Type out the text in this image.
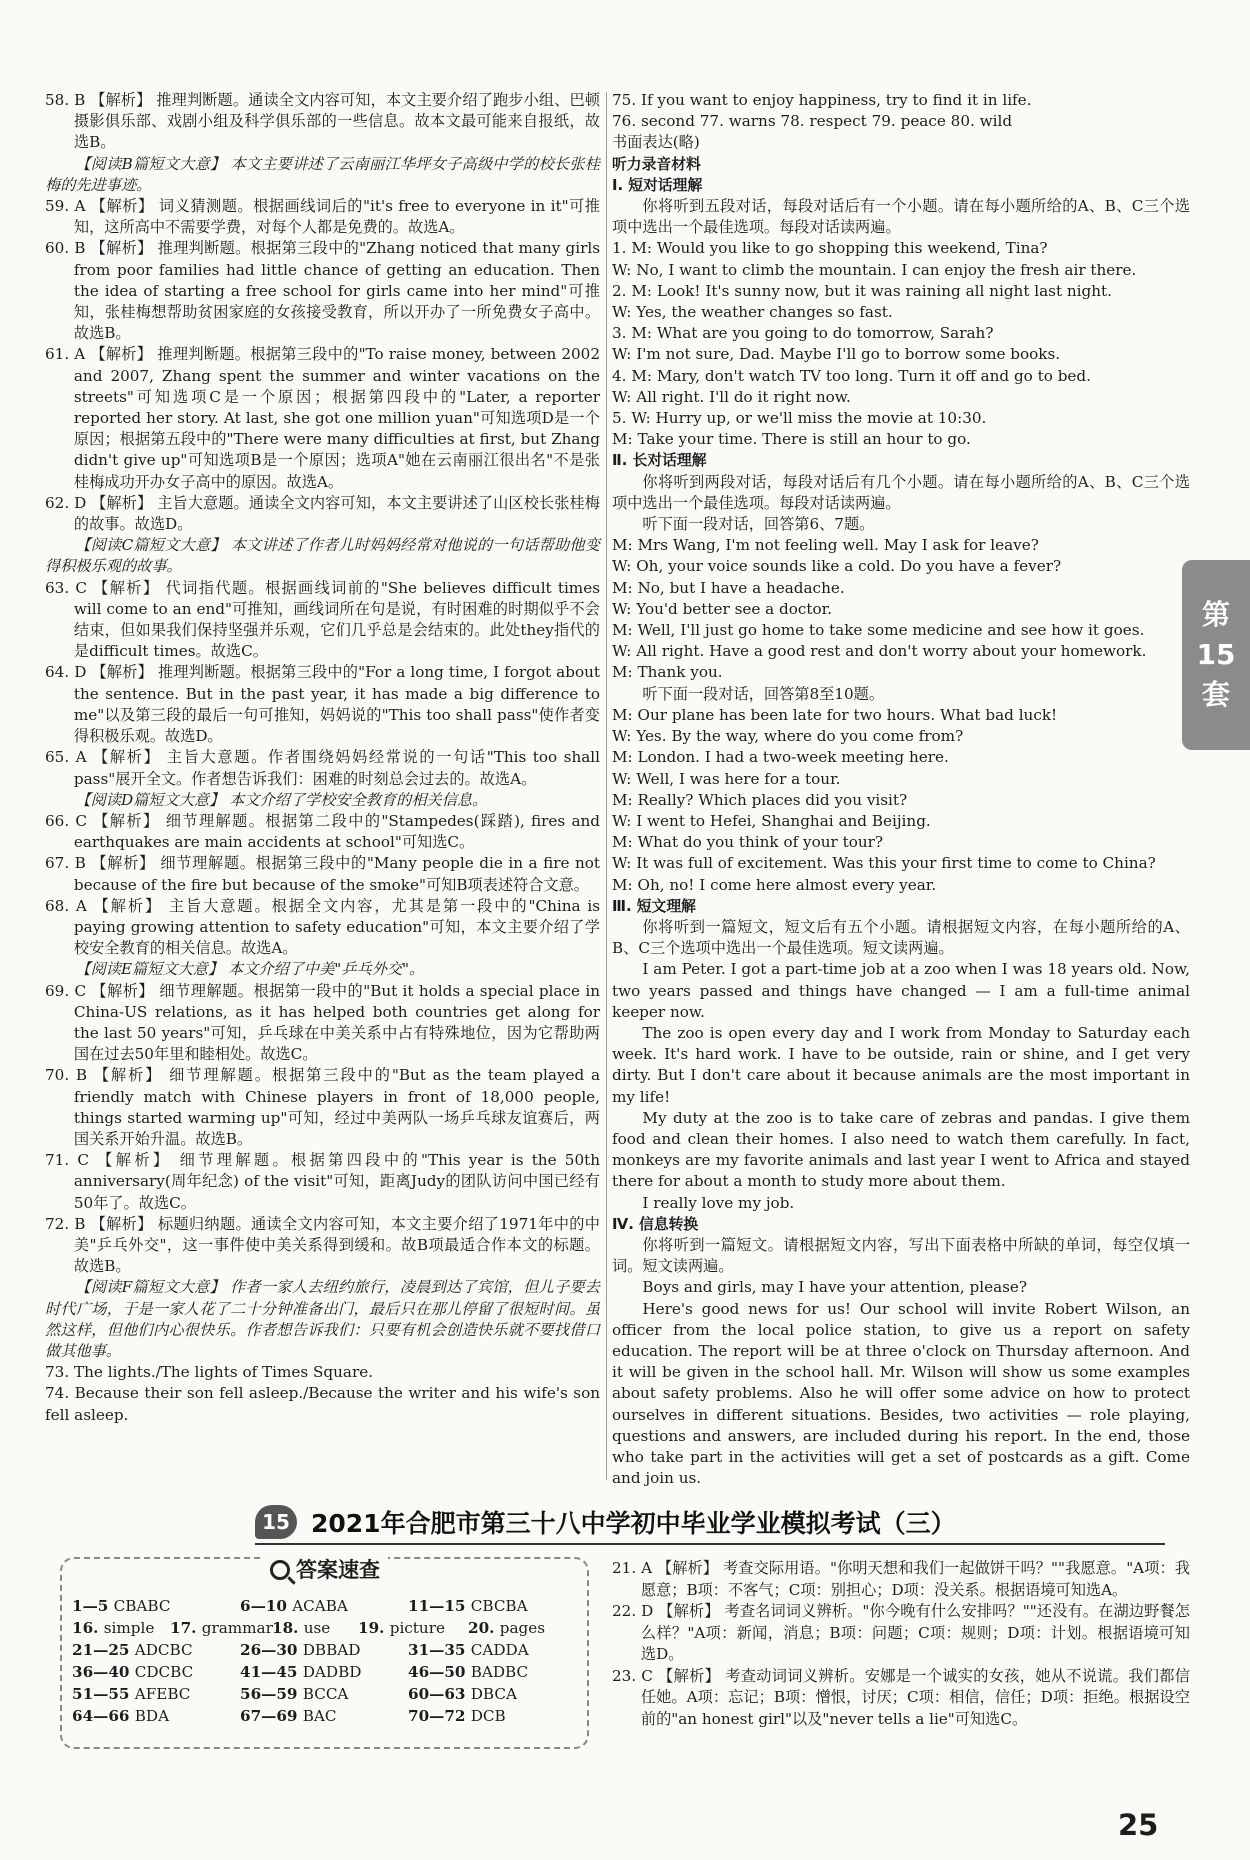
58. B 【解析】 推理判断题。通读全文内容可知，本文主要介绍了跑步小组、巴顿摄影俱乐部、戏剧小组及科学俱乐部的一些信息。故本文最可能来自报纸，故选B。

【阅读B篇短文大意】 本文主要讲述了云南丽江华坪女子高级中学的校长张桂梅的先进事迹。

59. A 【解析】 词义猜测题。根据画线词后的"it's free to everyone in it"可推知，这所高中不需要学费，对每个人都是免费的。故选A。

60. B 【解析】 推理判断题。根据第三段中的"Zhang noticed that many girls from poor families had little chance of getting an education. Then the idea of starting a free school for girls came into her mind"可推知，张桂梅想帮助贫困家庭的女孩接受教育，所以开办了一所免费女子高中。故选B。

61. A 【解析】 推理判断题。根据第三段中的"To raise money, between 2002 and 2007, Zhang spent the summer and winter vacations on the streets"可知选项C是一个原因；根据第四段中的"Later, a reporter reported her story. At last, she got one million yuan"可知选项D是一个原因；根据第五段中的"There were many difficulties at first, but Zhang didn't give up"可知选项B是一个原因；选项A"她在云南丽江很出名"不是张桂梅成功开办女子高中的原因。故选A。

62. D 【解析】 主旨大意题。通读全文内容可知，本文主要讲述了山区校长张桂梅的故事。故选D。

【阅读C篇短文大意】 本文讲述了作者儿时妈妈经常对他说的一句话帮助他变得积极乐观的故事。

63. C 【解析】 代词指代题。根据画线词前的"She believes difficult times will come to an end"可推知，画线词所在句是说，有时困难的时期似乎不会结束，但如果我们保持坚强并乐观，它们几乎总是会结束的。此处they指代的是difficult times。故选C。

64. D 【解析】 推理判断题。根据第三段中的"For a long time, I forgot about the sentence. But in the past year, it has made a big difference to me"以及第三段的最后一句可推知，妈妈说的"This too shall pass"使作者变得积极乐观。故选D。

65. A 【解析】 主旨大意题。作者围绕妈妈经常说的一句话"This too shall pass"展开全文。作者想告诉我们：困难的时刻总会过去的。故选A。

【阅读D篇短文大意】 本文介绍了学校安全教育的相关信息。

66. C 【解析】 细节理解题。根据第二段中的"Stampedes(踩踏), fires and earthquakes are main accidents at school"可知选C。

67. B 【解析】 细节理解题。根据第三段中的"Many people die in a fire not because of the fire but because of the smoke"可知B项表述符合文意。

68. A 【解析】 主旨大意题。根据全文内容，尤其是第一段中的"China is paying growing attention to safety education"可知，本文主要介绍了学校安全教育的相关信息。故选A。

【阅读E篇短文大意】 本文介绍了中美"乒乓外交"。

69. C 【解析】 细节理解题。根据第一段中的"But it holds a special place in China-US relations, as it has helped both countries get along for the last 50 years"可知，乒乓球在中美关系中占有特殊地位，因为它帮助两国在过去50年里和睦相处。故选C。

70. B 【解析】 细节理解题。根据第三段中的"But as the team played a friendly match with Chinese players in front of 18,000 people, things started warming up"可知，经过中美两队一场乒乓球友谊赛后，两国关系开始升温。故选B。

71. C 【解析】 细节理解题。根据第四段中的"This year is the 50th anniversary(周年纪念) of the visit"可知，距离Judy的团队访问中国已经有50年了。故选C。

72. B 【解析】 标题归纳题。通读全文内容可知，本文主要介绍了1971年中的中美"乒乓外交"，这一事件使中美关系得到缓和。故B项最适合作本文的标题。故选B。

【阅读F篇短文大意】 作者一家人去纽约旅行，凌晨到达了宾馆，但儿子要去时代广场，于是一家人花了二十分钟准备出门，最后只在那儿停留了很短时间。虽然这样，但他们内心很快乐。作者想告诉我们：只要有机会创造快乐就不要找借口做其他事。

73. The lights./The lights of Times Square.

74. Because their son fell asleep./Because the writer and his wife's son fell asleep.

75. If you want to enjoy happiness, try to find it in life.

76. second 77. warns 78. respect 79. peace 80. wild

书面表达(略)

听力录音材料

Ⅰ. 短对话理解

你将听到五段对话，每段对话后有一个小题。请在每小题所给的A、B、C三个选项中选出一个最佳选项。每段对话读两遍。

1. M: Would you like to go shopping this weekend, Tina?

W: No, I want to climb the mountain. I can enjoy the fresh air there.

2. M: Look! It's sunny now, but it was raining all night last night.

W: Yes, the weather changes so fast.

3. M: What are you going to do tomorrow, Sarah?

W: I'm not sure, Dad. Maybe I'll go to borrow some books.

4. M: Mary, don't watch TV too long. Turn it off and go to bed.

W: All right. I'll do it right now.

5. W: Hurry up, or we'll miss the movie at 10:30.

M: Take your time. There is still an hour to go.

Ⅱ. 长对话理解

你将听到两段对话，每段对话后有几个小题。请在每小题所给的A、B、C三个选项中选出一个最佳选项。每段对话读两遍。

听下面一段对话，回答第6、7题。

M: Mrs Wang, I'm not feeling well. May I ask for leave?

W: Oh, your voice sounds like a cold. Do you have a fever?

M: No, but I have a headache.

W: You'd better see a doctor.

M: Well, I'll just go home to take some medicine and see how it goes.

W: All right. Have a good rest and don't worry about your homework.

M: Thank you.

听下面一段对话，回答第8至10题。

M: Our plane has been late for two hours. What bad luck!

W: Yes. By the way, where do you come from?

M: London. I had a two-week meeting here.

W: Well, I was here for a tour.

M: Really? Which places did you visit?

W: I went to Hefei, Shanghai and Beijing.

M: What do you think of your tour?

W: It was full of excitement. Was this your first time to come to China?

M: Oh, no! I come here almost every year.

Ⅲ. 短文理解

你将听到一篇短文，短文后有五个小题。请根据短文内容，在每小题所给的A、B、C三个选项中选出一个最佳选项。短文读两遍。

I am Peter. I got a part-time job at a zoo when I was 18 years old. Now, two years passed and things have changed — I am a full-time animal keeper now.

The zoo is open every day and I work from Monday to Saturday each week. It's hard work. I have to be outside, rain or shine, and I get very dirty. But I don't care about it because animals are the most important in my life!

My duty at the zoo is to take care of zebras and pandas. I give them food and clean their homes. I also need to watch them carefully. In fact, monkeys are my favorite animals and last year I went to Africa and stayed there for about a month to study more about them.

I really love my job.

Ⅳ. 信息转换

你将听到一篇短文。请根据短文内容，写出下面表格中所缺的单词，每空仅填一词。短文读两遍。

Boys and girls, may I have your attention, please?

Here's good news for us! Our school will invite Robert Wilson, an officer from the local police station, to give us a report on safety education. The report will be at three o'clock on Thursday afternoon. And it will be given in the school hall. Mr. Wilson will show us some examples about safety problems. Also he will offer some advice on how to protect ourselves in different situations. Besides, two activities — role playing, questions and answers, are included during his report. In the end, those who take part in the activities will get a set of postcards as a gift. Come and join us.

第
15
套
15 2021年合肥市第三十八中学初中毕业学业模拟考试（三）
答案速查
1—5 CBABC	6—10 ACABA	11—15 CBCBA
16. simple	17. grammar 18. use	19. picture	20. pages
21—25 ADCBC	26—30 DBBAD	31—35 CADDA
36—40 CDCBC	41—45 DADBD	46—50 BADBC
51—55 AFEBC	56—59 BCCA	60—63 DBCA
64—66 BDA	67—69 BAC	70—72 DCB

21. A 【解析】 考查交际用语。"你明天想和我们一起做饼干吗？""我愿意。"A项：我愿意；B项：不客气；C项：别担心；D项：没关系。根据语境可知选A。

22. D 【解析】 考查名词词义辨析。"你今晚有什么安排吗？""还没有。在湖边野餐怎么样？"A项：新闻，消息；B项：问题；C项：规则；D项：计划。根据语境可知选D。

23. C 【解析】 考查动词词义辨析。安娜是一个诚实的女孩，她从不说谎。我们都信任她。A项：忘记；B项：憎恨，讨厌；C项：相信，信任；D项：拒绝。根据设空前的"an honest girl"以及"never tells a lie"可知选C。

25
